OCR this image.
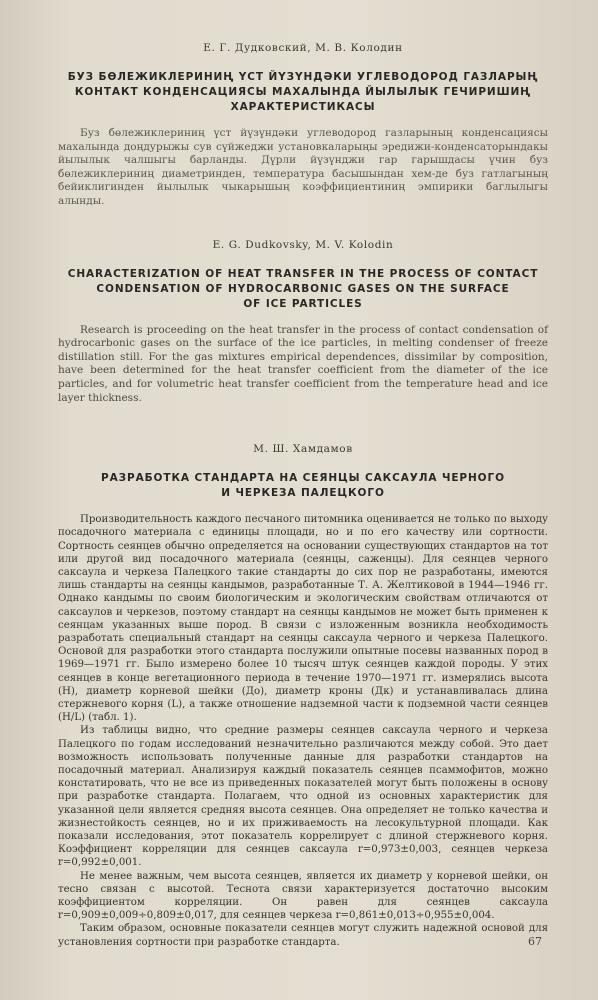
Е. Г. Дудковский, М. В. Колодин

БУЗ БӨЛЕЖИКЛЕРИНИҢ ҮСТ ЙҮЗҮНДӘКИ УГЛЕВОДОРОД ГАЗЛАРЫҢ
КОНТАКТ КОНДЕНСАЦИЯСЫ МАХАЛЫНДА ЙЫЛЫЛЫК ГЕЧИРИШИҢ
ХАРАКТЕРИСТИКАСЫ

Буз бөлежиклериниң үст йүзүндәки углеводород газларының конденсациясы махалында доңдурыжы сув сүйжеджи установкаларыңы эредижи-конденсаторындакы йылылык чалшыгы барланды. Дүрли йүзүнджи гар гарышдасы үчин буз бөлежиклериниң диаметринден, температура басышындан хем-де буз гатлагының бейиклигинден йылылык чыкарышың коэффициентиниң эмпирики баглылыгы алынды.

E. G. Dudkovsky, M. V. Kolodin

CHARACTERIZATION OF HEAT TRANSFER IN THE PROCESS OF CONTACT
CONDENSATION OF HYDROCARBONIC GASES ON THE SURFACE
OF ICE PARTICLES

Research is proceeding on the heat transfer in the process of contact condensation of hydrocarbonic gases on the surface of the ice particles, in melting condenser of freeze distillation still. For the gas mixtures empirical dependences, dissimilar by composition, have been determined for the heat transfer coefficient from the diameter of the ice particles, and for volumetric heat transfer coefficient from the temperature head and ice layer thickness.

М. Ш. Хамдамов

РАЗРАБОТКА СТАНДАРТА НА СЕЯНЦЫ САКСАУЛА ЧЕРНОГО
И ЧЕРКЕЗА ПАЛЕЦКОГО

Производительность каждого песчаного питомника оценивается не только по выходу посадочного материала с единицы площади, но и по его качеству или сортности. Сортность сеянцев обычно определяется на основании существующих стандартов на тот или другой вид посадочного материала (сеянцы, саженцы). Для сеянцев черного саксаула и черкеза Палецкого такие стандарты до сих пор не разработаны, имеются лишь стандарты на сеянцы кандымов, разработанные Т. А. Желтиковой в 1944—1946 гг. Однако кандымы по своим биологическим и экологическим свойствам отличаются от саксаулов и черкезов, поэтому стандарт на сеянцы кандымов не может быть применен к сеянцам указанных выше пород. В связи с изложенным возникла необходимость разработать специальный стандарт на сеянцы саксаула черного и черкеза Палецкого. Основой для разработки этого стандарта послужили опытные посевы названных пород в 1969—1971 гг. Было измерено более 10 тысяч штук сеянцев каждой породы. У этих сеянцев в конце вегетационного периода в течение 1970—1971 гг. измерялись высота (H), диаметр корневой шейки (Дo), диаметр кроны (Дк) и устанавливалась длина стержневого корня (L), а также отношение надземной части к подземной части сеянцев (H/L) (табл. 1).

Из таблицы видно, что средние размеры сеянцев саксаула черного и черкеза Палецкого по годам исследований незначительно различаются между собой. Это дает возможность использовать полученные данные для разработки стандартов на посадочный материал. Анализируя каждый показатель сеянцев псаммофитов, можно констатировать, что не все из приведенных показателей могут быть положены в основу при разработке стандарта. Полагаем, что одной из основных характеристик для указанной цели является средняя высота сеянцев. Она определяет не только качества и жизнестойкость сеянцев, но и их приживаемость на лесокультурной площади. Как показали исследования, этот показатель коррелирует с длиной стержневого корня. Коэффициент корреляции для сеянцев саксаула r=0,973±0,003, сеянцев черкеза r=0,992±0,001.

Не менее важным, чем высота сеянцев, является их диаметр у корневой шейки, он тесно связан с высотой. Теснота связи характеризуется достаточно высоким коэффициентом корреляции. Он равен для сеянцев саксаула r=0,909±0,009÷0,809±0,017, для сеянцев черкеза r=0,861±0,013÷0,955±0,004.

Таким образом, основные показатели сеянцев могут служить надежной основой для установления сортности при разработке стандарта.	67
